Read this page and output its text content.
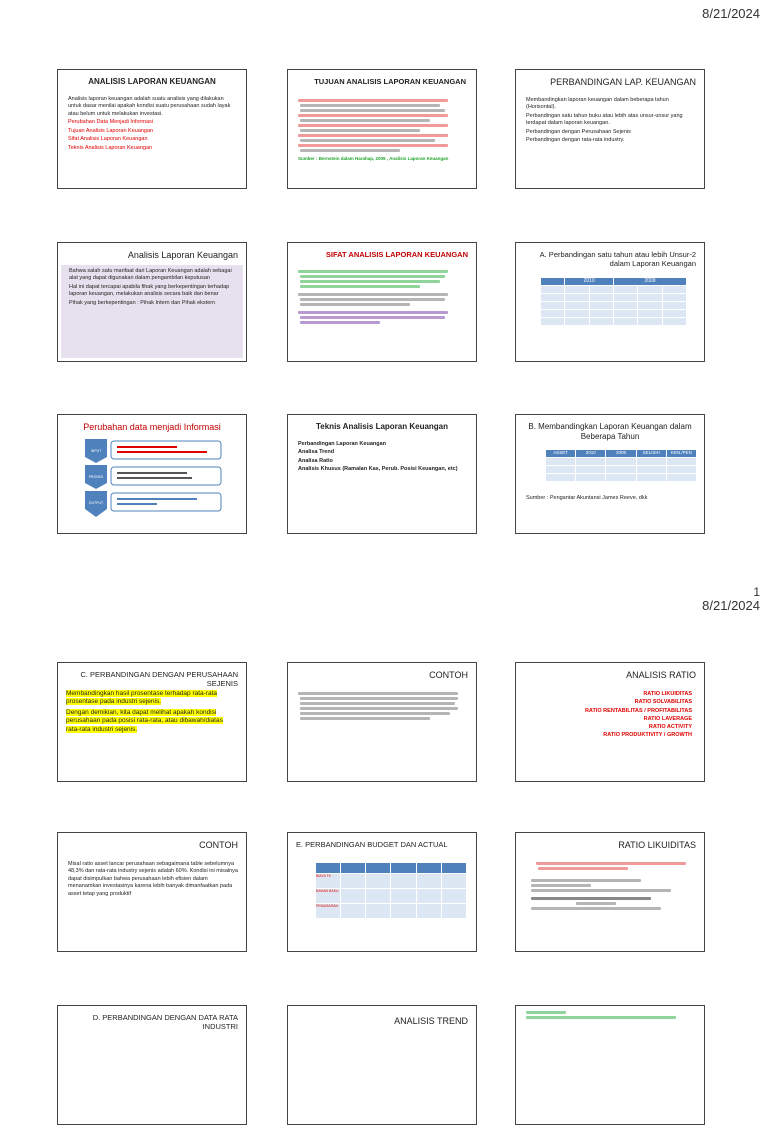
8/21/2024
ANALISIS LAPORAN KEUANGAN
Analisis laporan keuangan adalah suatu analisis yang dilakukan untuk dasar menilai apakah kondisi suatu perusahaan sudah layak atau belum untuk melakukan investasi.
Perubahan Data Menjadi Informasi
Tujuan Analisis Laporan Keuangan
Sifat Analisis Laporan Keuangan
Teknis Analisis Laporan Keuangan
TUJUAN ANALISIS LAPORAN KEUANGAN
Sumber : Bernstein dalam Harahap, 2009 , Analisis Laporan Keuangan
PERBANDINGAN LAP. KEUANGAN
Membandingkan laporan keuangan dalam beberapa tahun (Horisontal).
Perbandingan satu tahun buku atau lebih atas unsur-unsur yang terdapat dalam laporan keuangan.
Perbandingan dengan Perusahaan Sejenis
Perbandingan dengan rata-rata industry.
Analisis Laporan Keuangan
Bahwa salah satu manfaat dari Laporan Keuangan adalah sebagai alat yang dapat digunakan dalam pengambilan keputusan
Hal ini dapat tercapai apabila fihak yang berkepentingan terhadap laporan keuangan, melakukan analisis secara baik dan benar
Pihak yang berkepentingan : Pihak Intern dan Pihak ekstern
SIFAT ANALISIS LAPORAN KEUANGAN	A. Perbandingan satu tahun atau lebih Unsur-2 dalam Laporan Keuangan
2010	2009
Perubahan data menjadi Informasi
INPUT
PROSES
OUTPUT
Teknis Analisis Laporan Keuangan
Perbandingan Laporan Keuangan
Analisa Trend
Analisa Ratio
Analisis Khusus (Ramalan Kas, Perub. Posisi Keuangan, etc)
B. Membandingkan Laporan Keuangan dalam Beberapa Tahun
ASSET	2010	2009	SELISIH	KEN./PEN
Sumber : Pengantar Akuntansi James Reeve, dkk
1
8/21/2024
C. PERBANDINGAN DENGAN PERUSAHAAN SEJENIS
Membandingkan hasil prosentase terhadap rata-rata prosentase pada industri sejenis.
Dengan demikian, kita dapat melihat apakah kondisi perusahaan pada posisi rata-rata, atau dibawah/diatas rata-rata industri sejenis.
CONTOH	ANALISIS RATIO
RATIO LIKUIDITAS
RATIO SOLVABILITAS
RATIO RENTABILITAS / PROFITABILITAS
RATIO LAVERAGE
RATIO ACTIVITY
RATIO PRODUKTIVITY / GROWTH
CONTOH
Misal ratio asset lancar perusahaan sebagaimana table sebelumnya 48,3% dan rata-rata industry sejenis adalah 60%. Kondisi ini misalnya dapat disimpulkan bahwa perusahaan lebih efisien dalam menanamkan investasinya karena lebih banyak dimanfaatkan pada asset tetap yang produktif
E. PERBANDINGAN BUDGET DAN ACTUAL
BIAYA TK
BAHAN BAKU
PEMASARAN
RATIO LIKUIDITAS
D. PERBANDINGAN DENGAN DATA RATA INDUSTRI
ANALISIS TREND
